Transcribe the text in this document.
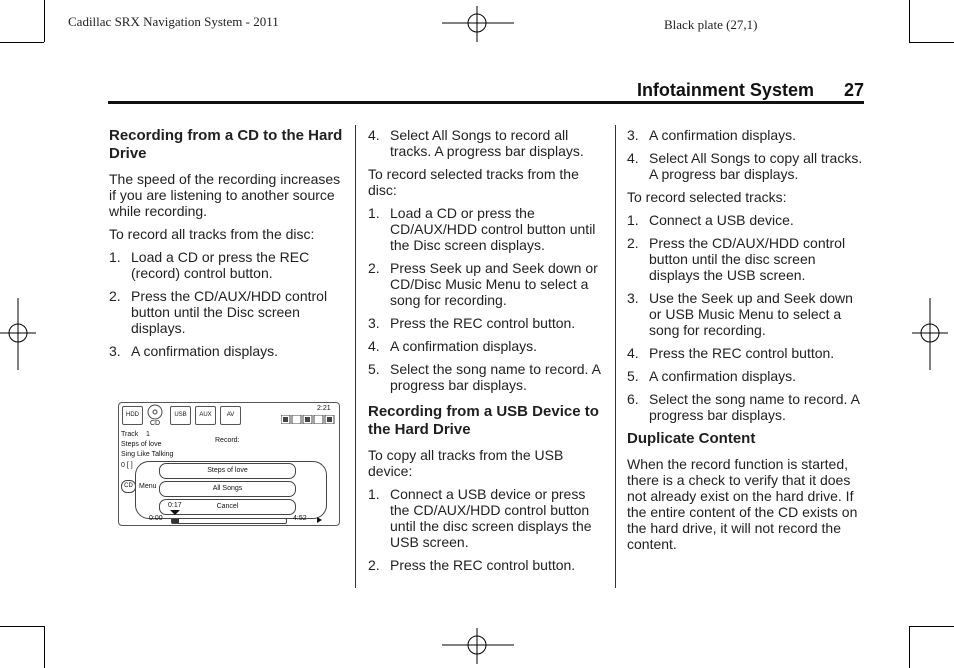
Cadillac SRX Navigation System - 2011	Black plate (27,1)
Infotainment System 27
Recording from a CD to the Hard Drive

The speed of the recording increases if you are listening to another source while recording.

To record all tracks from the disc:

1. Load a CD or press the REC (record) control button.
2. Press the CD/AUX/HDD control button until the Disc screen displays.
3. A confirmation displays.
HDD
CD
USB	AUX	AV
2:21
Track 1
Steps of love
Sing Like Talking
0 [ ]
Record:
CD Menu
Steps of love
All Songs
Cancel
0:17
0:00	4:52
4. Select All Songs to record all tracks. A progress bar displays.

To record selected tracks from the disc:

1. Load a CD or press the CD/AUX/HDD control button until the Disc screen displays.
2. Press Seek up and Seek down or CD/Disc Music Menu to select a song for recording.
3. Press the REC control button.
4. A confirmation displays.
5. Select the song name to record. A progress bar displays.
Recording from a USB Device to the Hard Drive

To copy all tracks from the USB device:

1. Connect a USB device or press the CD/AUX/HDD control button until the disc screen displays the USB screen.
2. Press the REC control button.
3. A confirmation displays.
4. Select All Songs to copy all tracks. A progress bar displays.

To record selected tracks:

1. Connect a USB device.
2. Press the CD/AUX/HDD control button until the disc screen displays the USB screen.
3. Use the Seek up and Seek down or USB Music Menu to select a song for recording.
4. Press the REC control button.
5. A confirmation displays.
6. Select the song name to record. A progress bar displays.
Duplicate Content

When the record function is started, there is a check to verify that it does not already exist on the hard drive. If the entire content of the CD exists on the hard drive, it will not record the content.
